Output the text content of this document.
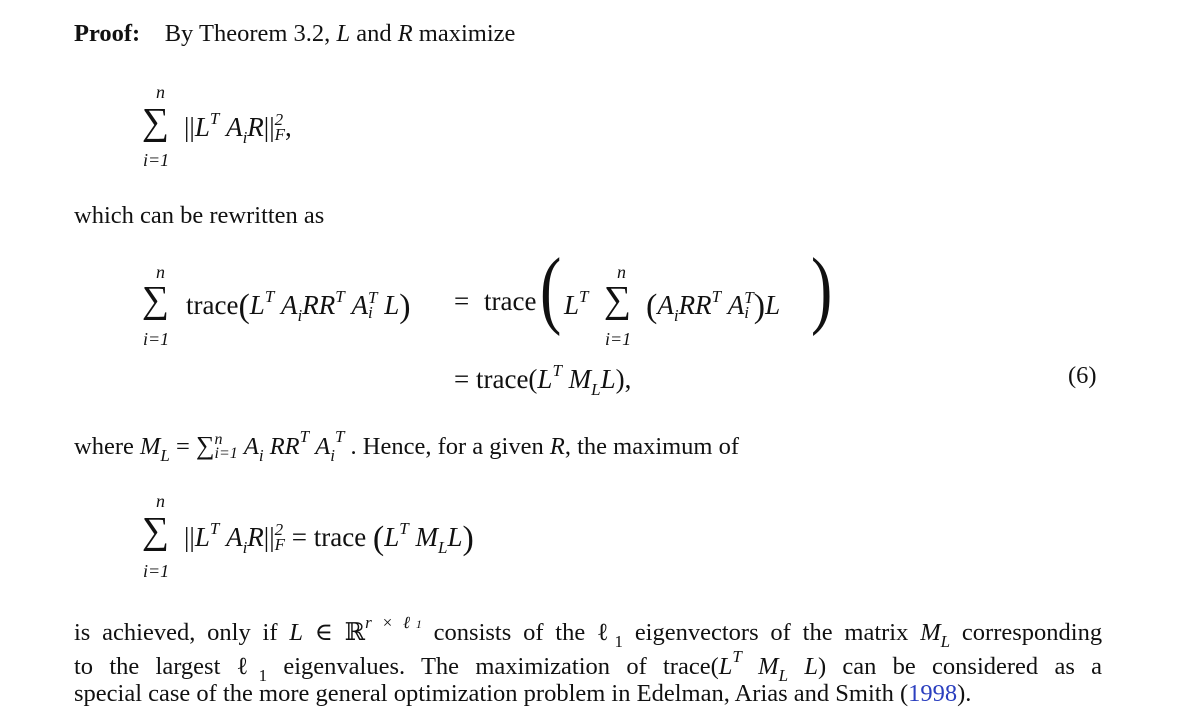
Proof: By Theorem 3.2, L and R maximize
n
∑
i=1
$||L^T$ $A_iR||$ 2
F ,
which can be rewritten as
n
∑
i=1
$trace(L^T$ $A_iRR^T$ A T
i L) = trace ( $L^T$
n
∑
i=1
($A_iRR^T$ A T
i )L )
= $trace(L^T$ $M_LL$),	(6)
where $M_L$ = ∑ n
i=1 $A_i$ $RR^T$ $A_i^T$ . Hence, for a given R, the maximum of
n
∑
i=1
$||L^T$ $A_iR||$ 2
F = trace ($L^T$ $M_LL$)
is achieved, only if L ∈ ℝ$^{r \times \ell 1}$ consists of the ℓ$_1$ eigenvectors of the matrix $M_L$ corresponding
to the largest ℓ$_1$ eigenvalues. The maximization of $trace(L^T$ $M_L$ L) can be considered as a
special case of the more general optimization problem in Edelman, Arias and Smith (1998).
